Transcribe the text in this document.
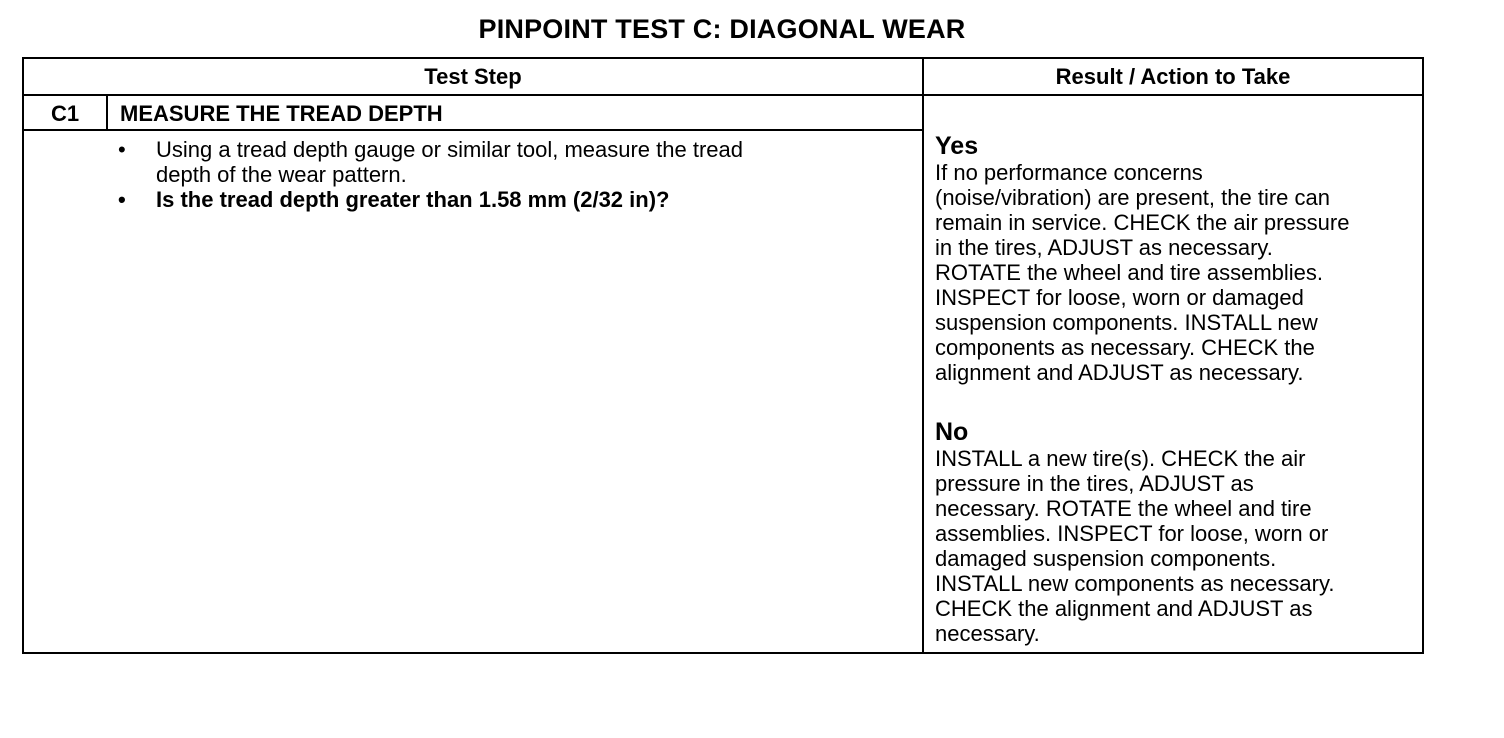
PINPOINT TEST C: DIAGONAL WEAR
Test Step	Result / Action to Take
C1	MEASURE THE TREAD DEPTH
• Using a tread depth gauge or similar tool, measure the tread
depth of the wear pattern.
• Is the tread depth greater than 1.58 mm (2/32 in)?
Yes
If no performance concerns
(noise/vibration) are present, the tire can
remain in service. CHECK the air pressure
in the tires, ADJUST as necessary.
ROTATE the wheel and tire assemblies.
INSPECT for loose, worn or damaged
suspension components. INSTALL new
components as necessary. CHECK the
alignment and ADJUST as necessary.
No
INSTALL a new tire(s). CHECK the air
pressure in the tires, ADJUST as
necessary. ROTATE the wheel and tire
assemblies. INSPECT for loose, worn or
damaged suspension components.
INSTALL new components as necessary.
CHECK the alignment and ADJUST as
necessary.
